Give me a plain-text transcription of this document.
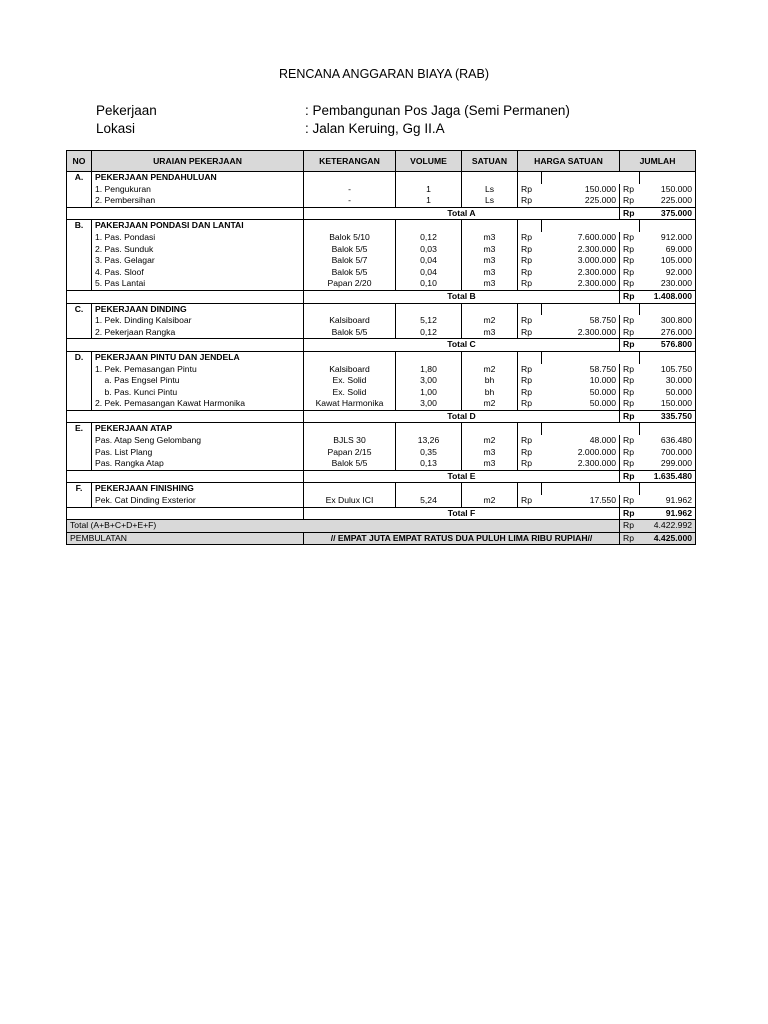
RENCANA ANGGARAN BIAYA (RAB)
Pekerjaan	: Pembangunan Pos Jaga (Semi Permanen)
Lokasi	: Jalan Keruing, Gg II.A
NO	URAIAN PEKERJAAN	KETERANGAN	VOLUME	SATUAN	HARGA SATUAN		JUMLAH		
A.	PEKERJAAN PENDAHULUAN								
	1. Pengukuran	-	1	Ls	Rp	150.000	Rp	150.000	
	2. Pembersihan	-	1	Ls	Rp	225.000	Rp	225.000	
		Total A					Rp	375.000	
B.	PAKERJAAN PONDASI DAN LANTAI								
	1. Pas. Pondasi	Balok 5/10	0,12	m3	Rp	7.600.000	Rp	912.000	
	2. Pas. Sunduk	Balok 5/5	0,03	m3	Rp	2.300.000	Rp	69.000	
	3. Pas. Gelagar	Balok 5/7	0,04	m3	Rp	3.000.000	Rp	105.000	
	4. Pas. Sloof	Balok 5/5	0,04	m3	Rp	2.300.000	Rp	92.000	
	5. Pas Lantai	Papan 2/20	0,10	m3	Rp	2.300.000	Rp	230.000	
		Total B					Rp	1.408.000	
C.	PEKERJAAN DINDING								
	1. Pek. Dinding Kalsiboar	Kalsiboard	5,12	m2	Rp	58.750	Rp	300.800	
	2. Pekerjaan Rangka	Balok 5/5	0,12	m3	Rp	2.300.000	Rp	276.000	
		Total C					Rp	576.800	
D.	PEKERJAAN PINTU DAN JENDELA								
	1. Pek. Pemasangan Pintu	Kalsiboard	1,80	m2	Rp	58.750	Rp	105.750	
	a. Pas Engsel Pintu	Ex. Solid	3,00	bh	Rp	10.000	Rp	30.000	
	b. Pas. Kunci Pintu	Ex. Solid	1,00	bh	Rp	50.000	Rp	50.000	
	2. Pek. Pemasangan Kawat Harmonika	Kawat Harmonika	3,00	m2	Rp	50.000	Rp	150.000	
		Total D					Rp	335.750	
E.	PEKERJAAN ATAP								
	Pas. Atap Seng Gelombang	BJLS 30	13,26	m2	Rp	48.000	Rp	636.480	
	Pas. List Plang	Papan 2/15	0,35	m3	Rp	2.000.000	Rp	700.000	
	Pas. Rangka Atap	Balok 5/5	0,13	m3	Rp	2.300.000	Rp	299.000	
		Total E					Rp	1.635.480	
F.	PEKERJAAN FINISHING								
	Pek. Cat Dinding Exsterior	Ex Dulux ICI	5,24	m2	Rp	17.550	Rp	91.962	
		Total F					Rp	91.962	
Total (A+B+C+D+E+F)							Rp	4.422.992	
PEMBULATAN		// EMPAT JUTA EMPAT RATUS DUA PULUH LIMA RIBU RUPIAH//					Rp	4.425.000	
